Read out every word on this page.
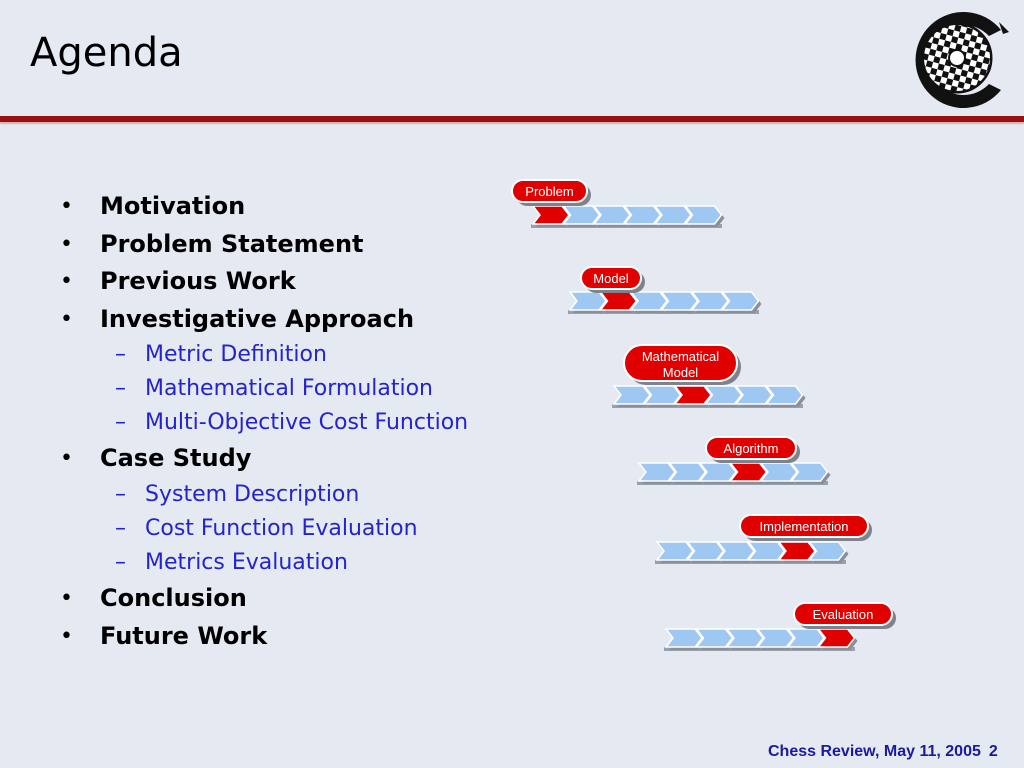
Agenda
• Motivation
• Problem Statement
• Previous Work
• Investigative Approach
– Metric Definition
– Mathematical Formulation
– Multi-Objective Cost Function
• Case Study
– System Description
– Cost Function Evaluation
– Metrics Evaluation
• Conclusion
• Future Work
Problem
Model
Mathematical Model
Algorithm
Implementation
Evaluation
Chess Review, May 11, 2005 2
